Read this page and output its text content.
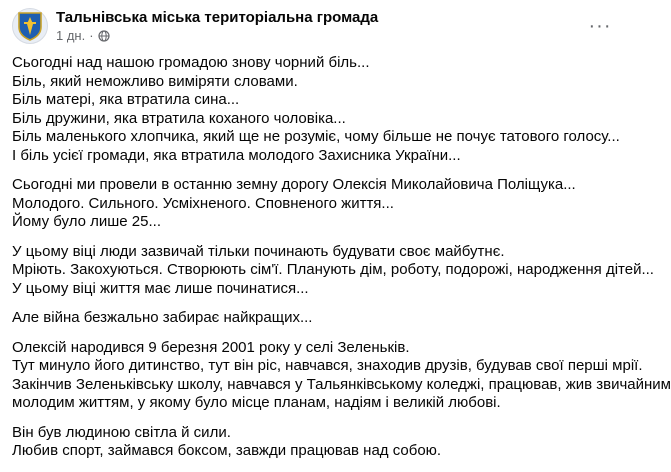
Тальнівська міська територіальна громада
1 дн. ·	···
Сьогодні над нашою громадою знову чорний біль...
Біль, який неможливо виміряти словами.
Біль матері, яка втратила сина...
Біль дружини, яка втратила коханого чоловіка...
Біль маленького хлопчика, який ще не розуміє, чому більше не почує татового голосу...
І біль усієї громади, яка втратила молодого Захисника України...
Сьогодні ми провели в останню земну дорогу Олексія Миколайовича Поліщука...
Молодого. Сильного. Усміхненого. Сповненого життя...
Йому було лише 25...
У цьому віці люди зазвичай тільки починають будувати своє майбутнє.
Мріють. Закохуються. Створюють сім'ї. Планують дім, роботу, подорожі, народження дітей...
У цьому віці життя має лише починатися...
Але війна безжально забирає найкращих...
Олексій народився 9 березня 2001 року у селі Зеленьків.
Тут минуло його дитинство, тут він ріс, навчався, знаходив друзів, будував свої перші мрії.
Закінчив Зеленьківську школу, навчався у Тальянківському коледжі, працював, жив звичайним
молодим життям, у якому було місце планам, надіям і великій любові.
Він був людиною світла й сили.
Любив спорт, займався боксом, завжди працював над собою.
